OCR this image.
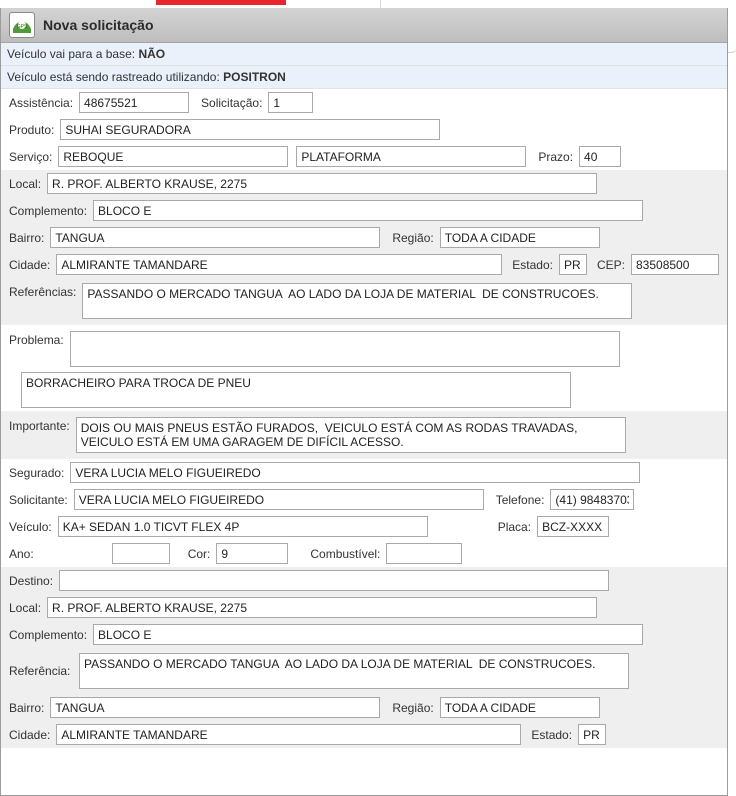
GPS Nova solicitação
Veículo vai para a base: NÃO
Veículo está sendo rastreado utilizando: POSITRON
Assistência:
48675521	Solicitação:
1
Produto:
SUHAI SEGURADORA
Serviço:
REBOQUE
PLATAFORMA	Prazo:
40
Local:
R. PROF. ALBERTO KRAUSE, 2275
Complemento:
BLOCO E
Bairro:
TANGUA	Região:
TODA A CIDADE
Cidade:
ALMIRANTE TAMANDARE	Estado:
PR	CEP:
83508500
Referências:
PASSANDO O MERCADO TANGUA AO LADO DA LOJA DE MATERIAL DE CONSTRUCOES.
Problema:
BORRACHEIRO PARA TROCA DE PNEU
Importante:
DOIS OU MAIS PNEUS ESTÃO FURADOS, VEICULO ESTÁ COM AS RODAS TRAVADAS, VEICULO ESTÁ EM UMA GARAGEM DE DIFÍCIL ACESSO.
Segurado:
VERA LUCIA MELO FIGUEIREDO
Solicitante:
VERA LUCIA MELO FIGUEIREDO	Telefone:
(41) 984837035
Veículo:
KA+ SEDAN 1.0 TICVT FLEX 4P	Placa:
BCZ-XXXX
Ano:	Cor:
9	Combustível:
Destino:
Local:
R. PROF. ALBERTO KRAUSE, 2275
Complemento:
BLOCO E
Referência:
PASSANDO O MERCADO TANGUA AO LADO DA LOJA DE MATERIAL DE CONSTRUCOES.
Bairro:
TANGUA	Região:
TODA A CIDADE
Cidade:
ALMIRANTE TAMANDARE	Estado:
PR
